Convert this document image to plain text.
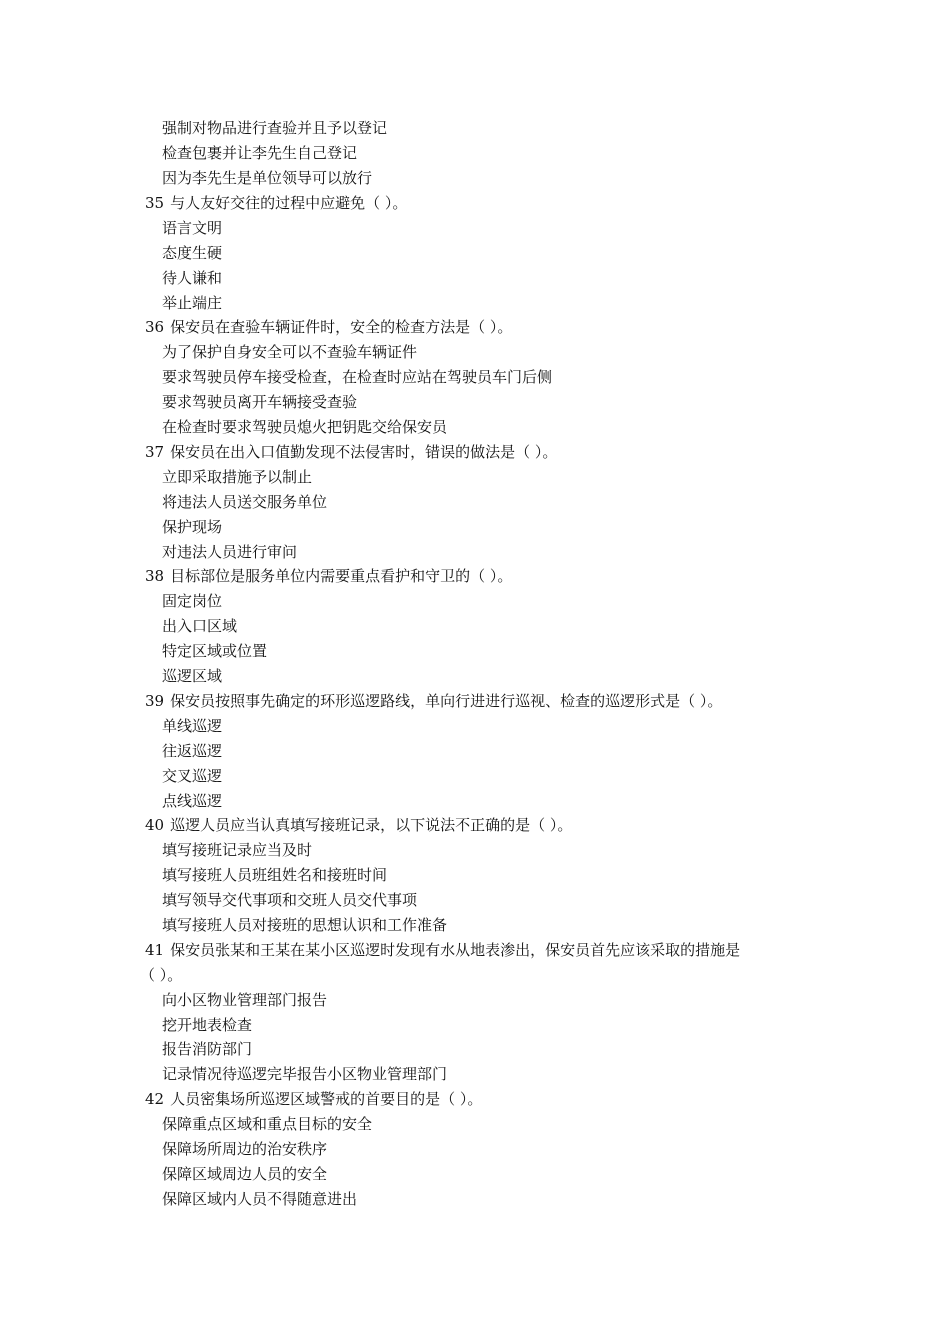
强制对物品进行查验并且予以登记
检查包裹并让李先生自己登记
因为李先生是单位领导可以放行
35 与人友好交往的过程中应避免（ ）。
语言文明
态度生硬
待人谦和
举止端庄
36 保安员在查验车辆证件时，安全的检查方法是（ ）。
为了保护自身安全可以不查验车辆证件
要求驾驶员停车接受检查，在检查时应站在驾驶员车门后侧
要求驾驶员离开车辆接受查验
在检查时要求驾驶员熄火把钥匙交给保安员
37 保安员在出入口值勤发现不法侵害时，错误的做法是（ ）。
立即采取措施予以制止
将违法人员送交服务单位
保护现场
对违法人员进行审问
38 目标部位是服务单位内需要重点看护和守卫的（ ）。
固定岗位
出入口区域
特定区域或位置
巡逻区域
39 保安员按照事先确定的环形巡逻路线，单向行进进行巡视、检查的巡逻形式是（ ）。
单线巡逻
往返巡逻
交叉巡逻
点线巡逻
40 巡逻人员应当认真填写接班记录，以下说法不正确的是（ ）。
填写接班记录应当及时
填写接班人员班组姓名和接班时间
填写领导交代事项和交班人员交代事项
填写接班人员对接班的思想认识和工作准备
41 保安员张某和王某在某小区巡逻时发现有水从地表渗出，保安员首先应该采取的措施是
（ ）。
向小区物业管理部门报告
挖开地表检查
报告消防部门
记录情况待巡逻完毕报告小区物业管理部门
42 人员密集场所巡逻区域警戒的首要目的是（ ）。
保障重点区域和重点目标的安全
保障场所周边的治安秩序
保障区域周边人员的安全
保障区域内人员不得随意进出
